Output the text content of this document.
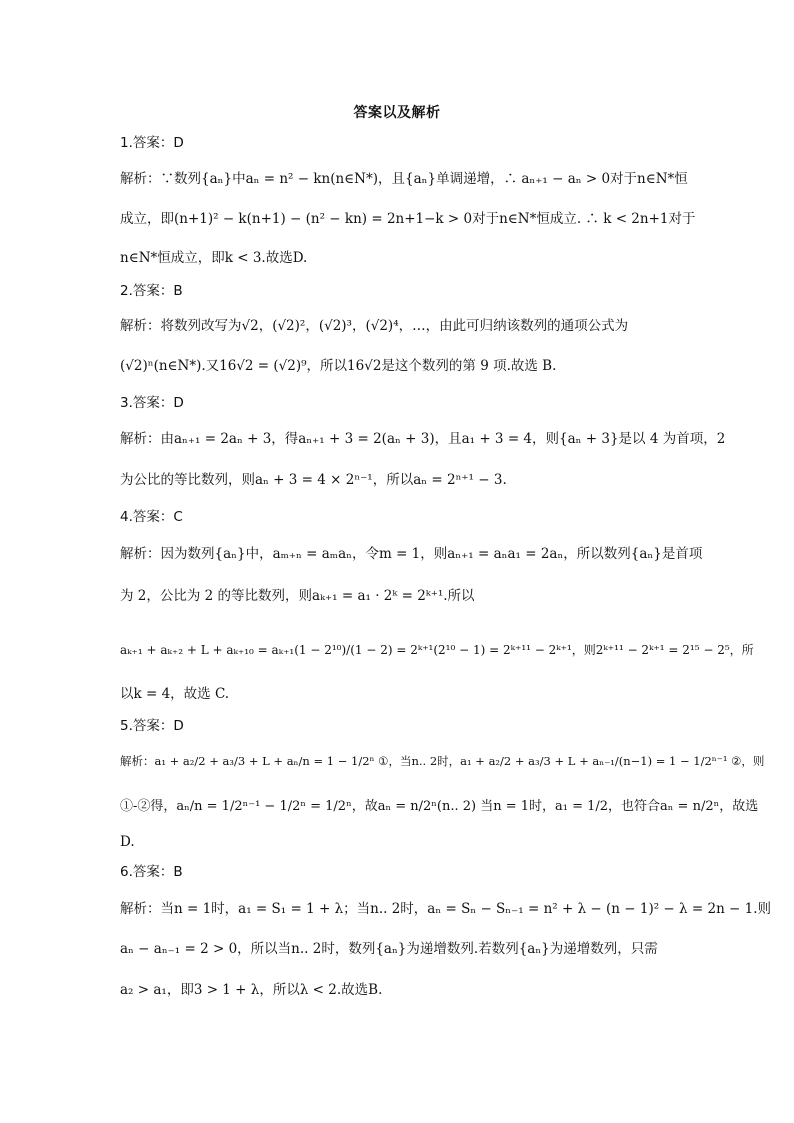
答案以及解析
1.答案：D
解析：∵数列{aₙ}中aₙ = n² − kn(n∈N*)，且{aₙ}单调递增，∴ aₙ₊₁ − aₙ > 0对于n∈N*恒
成立，即(n+1)² − k(n+1) − (n² − kn) = 2n+1−k > 0对于n∈N*恒成立. ∴ k < 2n+1对于
n∈N*恒成立，即k < 3.故选D.
2.答案：B
解析：将数列改写为√2，(√2)²，(√2)³，(√2)⁴，…，由此可归纳该数列的通项公式为
(√2)ⁿ(n∈N*).又16√2 = (√2)⁹，所以16√2是这个数列的第 9 项.故选 B.
3.答案：D
解析：由aₙ₊₁ = 2aₙ + 3，得aₙ₊₁ + 3 = 2(aₙ + 3)，且a₁ + 3 = 4，则{aₙ + 3}是以 4 为首项，2
为公比的等比数列，则aₙ + 3 = 4 × 2ⁿ⁻¹，所以aₙ = 2ⁿ⁺¹ − 3.
4.答案：C
解析：因为数列{aₙ}中，aₘ₊ₙ = aₘaₙ，令m = 1，则aₙ₊₁ = aₙa₁ = 2aₙ，所以数列{aₙ}是首项
为 2，公比为 2 的等比数列，则aₖ₊₁ = a₁ · 2ᵏ = 2ᵏ⁺¹.所以
aₖ₊₁ + aₖ₊₂ + L + aₖ₊₁₀ = aₖ₊₁(1 − 2¹⁰)/(1 − 2) = 2ᵏ⁺¹(2¹⁰ − 1) = 2ᵏ⁺¹¹ − 2ᵏ⁺¹，则2ᵏ⁺¹¹ − 2ᵏ⁺¹ = 2¹⁵ − 2⁵，所
以k = 4，故选 C.
5.答案：D
解析：a₁ + a₂/2 + a₃/3 + L + aₙ/n = 1 − 1/2ⁿ ①，当n.. 2时，a₁ + a₂/2 + a₃/3 + L + aₙ₋₁/(n−1) = 1 − 1/2ⁿ⁻¹ ②，则
①-②得，aₙ/n = 1/2ⁿ⁻¹ − 1/2ⁿ = 1/2ⁿ，故aₙ = n/2ⁿ(n.. 2) 当n = 1时，a₁ = 1/2，也符合aₙ = n/2ⁿ，故选
D.
6.答案：B
解析：当n = 1时，a₁ = S₁ = 1 + λ；当n.. 2时，aₙ = Sₙ − Sₙ₋₁ = n² + λ − (n − 1)² − λ = 2n − 1.则
aₙ − aₙ₋₁ = 2 > 0，所以当n.. 2时，数列{aₙ}为递增数列.若数列{aₙ}为递增数列，只需
a₂ > a₁，即3 > 1 + λ，所以λ < 2.故选B.
